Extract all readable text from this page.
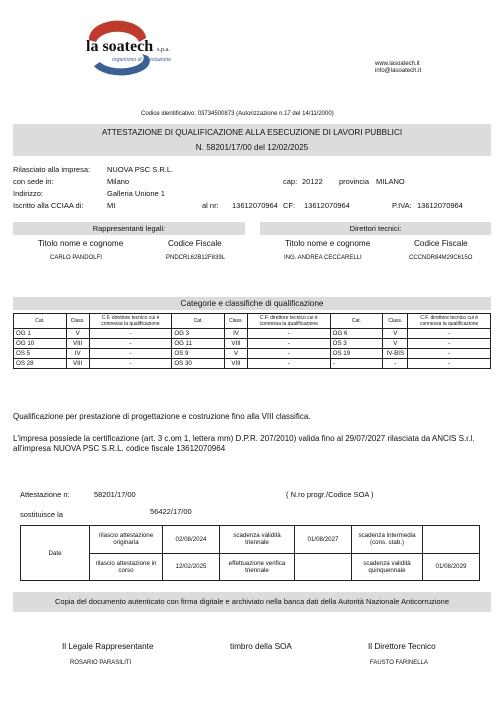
la soatech s.p.a.
organismo di attestazione
www.lasoatech.it
info@lasoatech.it
Codice identificativo: 03734500873 (Autorizzazione n.17 del 14/11/2000)
ATTESTAZIONE DI QUALIFICAZIONE ALLA ESECUZIONE DI LAVORI PUBBLICI
N. 58201/17/00 del 12/02/2025
Rilasciato alla impresa: NUOVA PSC S.R.L.
con sede in:	Milano	cap: 20122 provincia MILANO
Indirizzo:	Galleria Unione 1
Iscritto alla CCIAA di:	MI	al nr: 13612070964 CF: 13612070964	P.IVA: 13612070964
Rappresentanti legali:	Direttori tecnici:
Titolo nome e cognome	Codice Fiscale	Titolo nome e cognome	Codice Fiscale
CARLO PANDOLFI	PNDCRL62B12F839L	ING. ANDREA CECCARELLI	CCCNDR84M29C615O
Categorie e classifiche di qualificazione
Cat.	Class.	C.F. direttore tecnico cui è connessa la qualificazione	Cat.	Class.	C.F. direttore tecnico cui è connessa la qualificazione	Cat.	Class.	C.F. direttore tecnico cui è connessa la qualificazione
OG 1	V	-	OG 3	IV	-	OG 6	V	-
OG 10	VIII	-	OG 11	VIII	-	OS 3	V	-
OS 5	IV	-	OS 9	V	-	OS 19	IV-BIS	-
OS 28	VIII	-	OS 30	VIII	-	-	-	-
Qualificazione per prestazione di progettazione e costruzione fino alla VIII classifica.
L'impresa possiede la certificazione (art. 3 c.om 1, lettera mm) D.P.R. 207/2010) valida fino al 29/07/2027 rilasciata da ANCIS S.r.l. all'impresa NUOVA PSC S.R.L. codice fiscale 13612070964
Attestazione n:	58201/17/00	( N.ro progr./Codice SOA )
sostituisce la	56422/17/00
Date	rilascio attestazione originaria	02/08/2024	scadenza validità triennale	01/08/2027	scadenza intermedia (cons. stab.)	
	rilascio attestazione in corso	12/02/2025	effettuazione verifica triennale		scadenza validità quinquennale	01/08/2029
Copia del documento autenticato con firma digitale e archiviato nella banca dati della Autorità Nazionale Anticorruzione
Il Legale Rappresentante
ROSARIO PARASILITI
timbro della SOA	Il Direttore Tecnico
FAUSTO FARINELLA
